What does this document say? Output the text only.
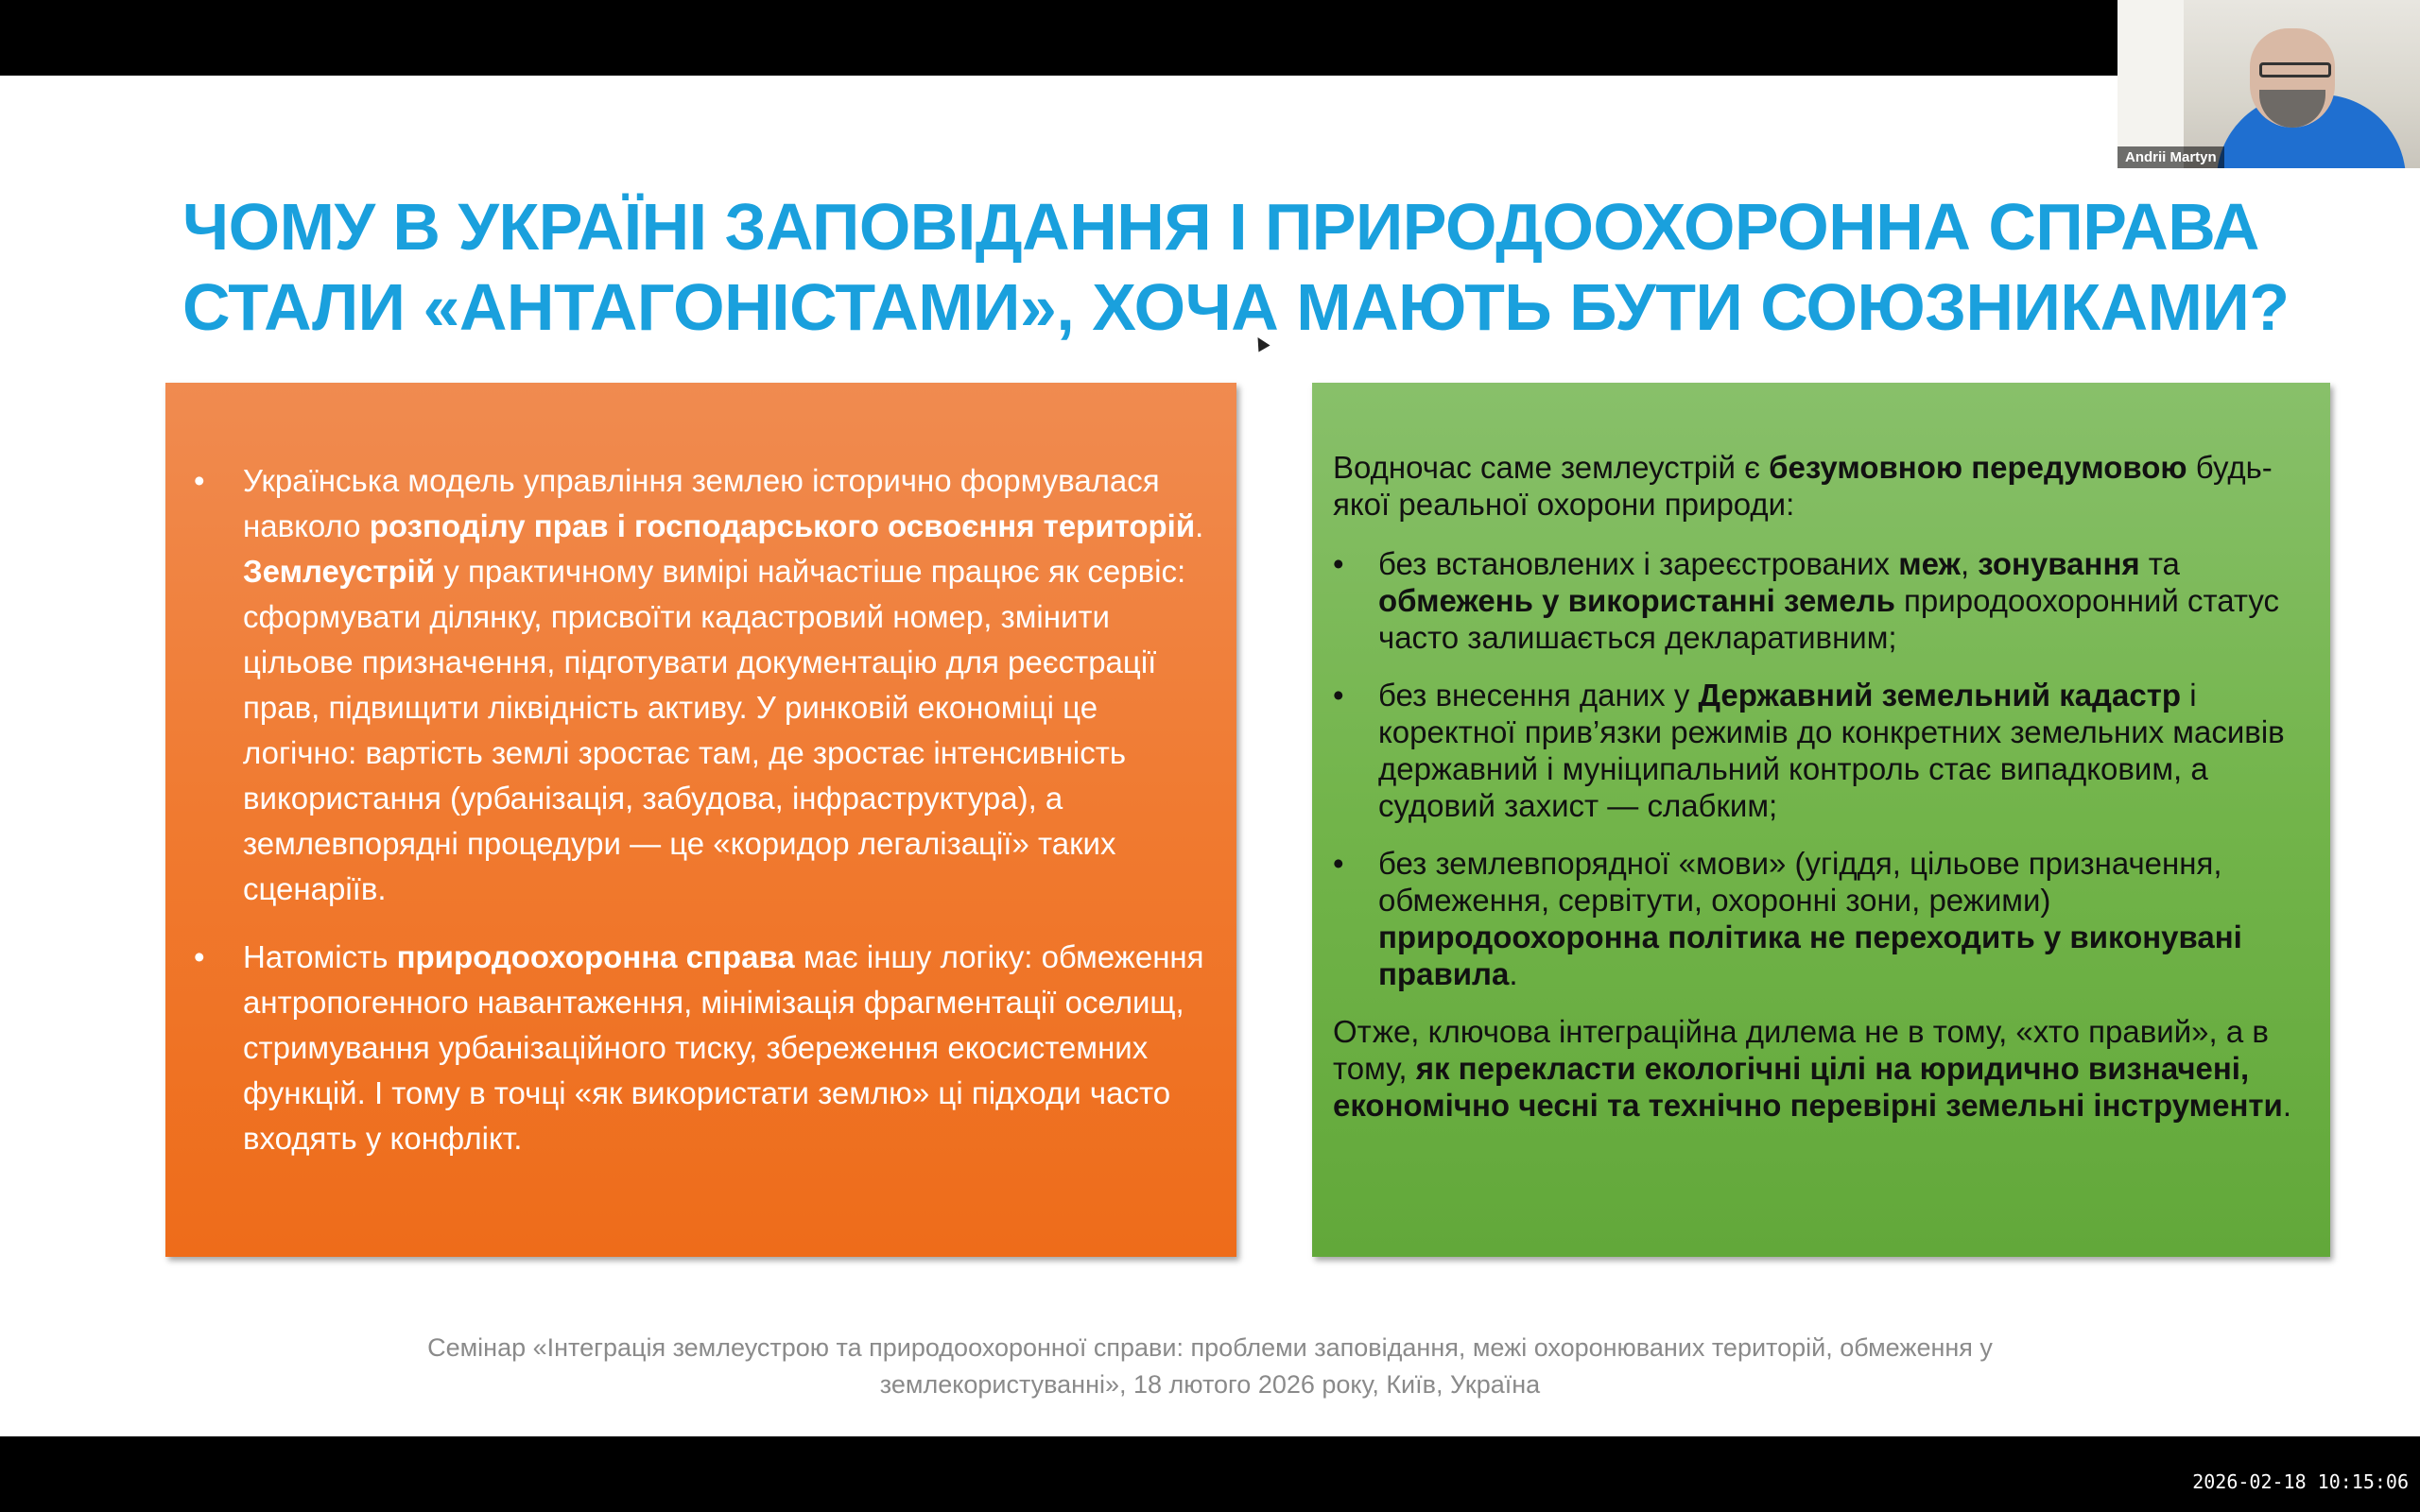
ЧОМУ В УКРАЇНІ ЗАПОВІДАННЯ І ПРИРОДООХОРОННА СПРАВА
СТАЛИ «АНТАГОНІСТАМИ», ХОЧА МАЮТЬ БУТИ СОЮЗНИКАМИ?
• Українська модель управління землею історично формувалася навколо розподілу прав і господарського освоєння територій. Землеустрій у практичному вимірі найчастіше працює як сервіс: сформувати ділянку, присвоїти кадастровий номер, змінити цільове призначення, підготувати документацію для реєстрації прав, підвищити ліквідність активу. У ринковій економіці це логічно: вартість землі зростає там, де зростає інтенсивність використання (урбанізація, забудова, інфраструктура), а землевпорядні процедури — це «коридор легалізації» таких сценаріїв.
• Натомість природоохоронна справа має іншу логіку: обмеження антропогенного навантаження, мінімізація фрагментації оселищ, стримування урбанізаційного тиску, збереження екосистемних функцій. І тому в точці «як використати землю» ці підходи часто входять у конфлікт.

Водночас саме землеустрій є безумовною передумовою будь-якої реальної охорони природи:

• без встановлених і зареєстрованих меж, зонування та обмежень у використанні земель природоохоронний статус часто залишається декларативним;
• без внесення даних у Державний земельний кадастр і коректної прив’язки режимів до конкретних земельних масивів державний і муніципальний контроль стає випадковим, а судовий захист — слабким;
• без землевпорядної «мови» (угіддя, цільове призначення, обмеження, сервітути, охоронні зони, режими) природоохоронна політика не переходить у виконувані правила.

Отже, ключова інтеграційна дилема не в тому, «хто правий», а в тому, як перекласти екологічні цілі на юридично визначені, економічно чесні та технічно перевірні земельні інструменти.

Семінар «Інтеграція землеустрою та природоохоронної справи: проблеми заповідання, межі охоронюваних територій, обмеження у
землекористуванні», 18 лютого 2026 року, Київ, Україна
Andrii Martyn
2026-02-18 10:15:06
